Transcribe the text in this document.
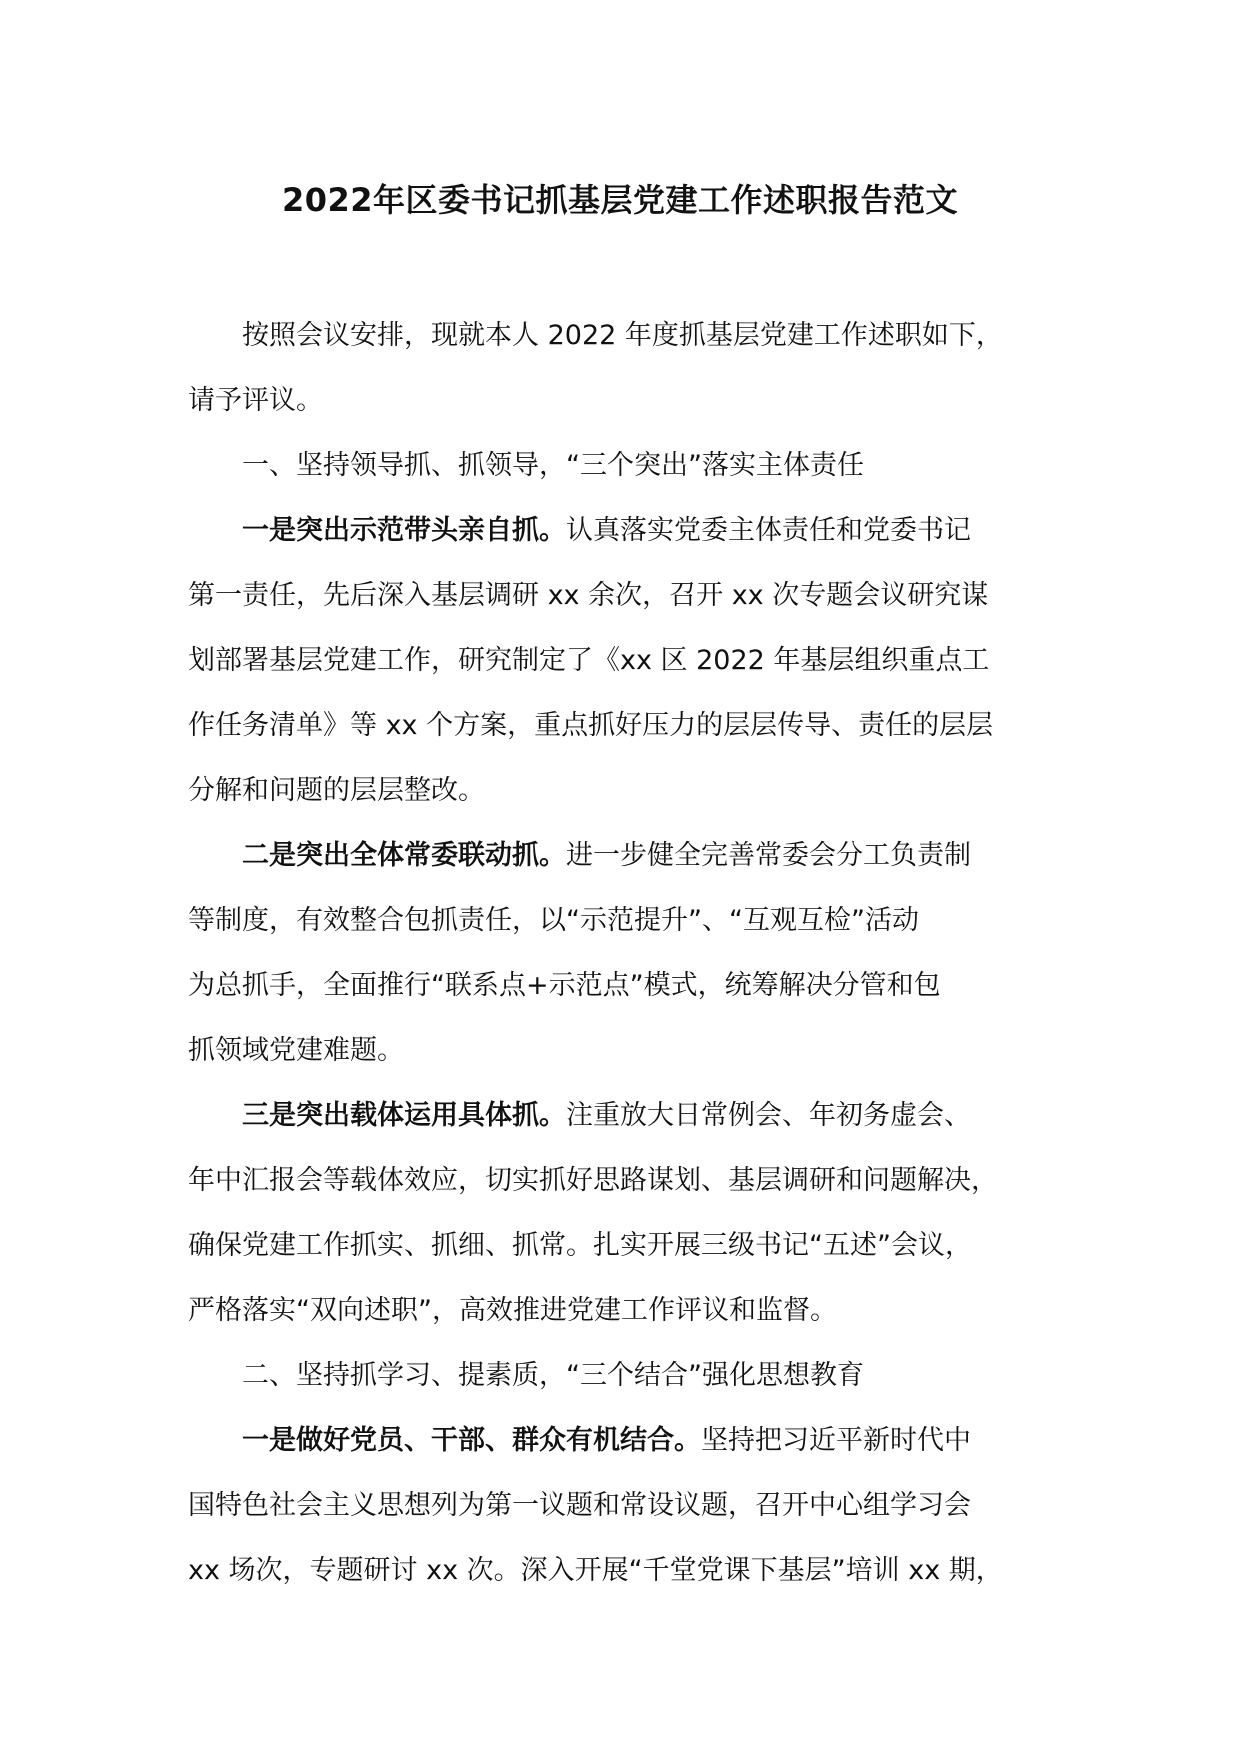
2022年区委书记抓基层党建工作述职报告范文

按照会议安排，现就本人 2022 年度抓基层党建工作述职如下，
请予评议。

一、坚持领导抓、抓领导，“三个突出”落实主体责任

一是突出示范带头亲自抓。认真落实党委主体责任和党委书记
第一责任，先后深入基层调研 xx 余次，召开 xx 次专题会议研究谋
划部署基层党建工作，研究制定了《xx 区 2022 年基层组织重点工
作任务清单》等 xx 个方案，重点抓好压力的层层传导、责任的层层
分解和问题的层层整改。

二是突出全体常委联动抓。进一步健全完善常委会分工负责制
等制度，有效整合包抓责任，以“示范提升”、“互观互检”活动
为总抓手，全面推行“联系点+示范点”模式，统筹解决分管和包
抓领域党建难题。

三是突出载体运用具体抓。注重放大日常例会、年初务虚会、
年中汇报会等载体效应，切实抓好思路谋划、基层调研和问题解决，
确保党建工作抓实、抓细、抓常。扎实开展三级书记“五述”会议，
严格落实“双向述职”，高效推进党建工作评议和监督。

二、坚持抓学习、提素质，“三个结合”强化思想教育

一是做好党员、干部、群众有机结合。坚持把习近平新时代中
国特色社会主义思想列为第一议题和常设议题，召开中心组学习会
xx 场次，专题研讨 xx 次。深入开展“千堂党课下基层”培训 xx 期，
